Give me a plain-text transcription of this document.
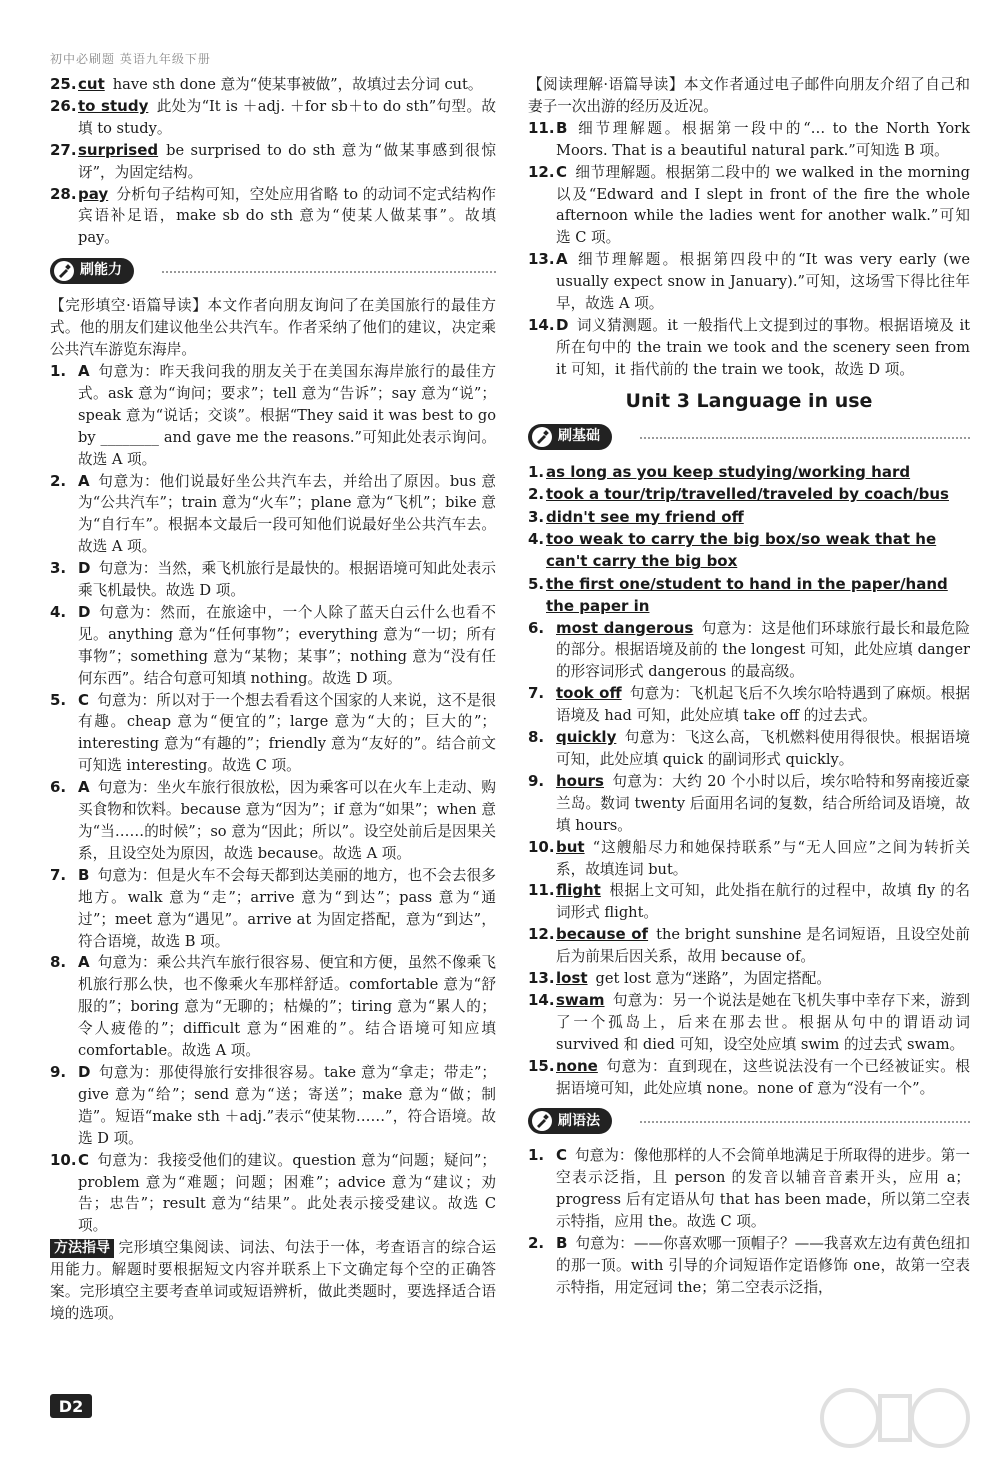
初中必刷题 英语九年级下册
25. cut have sth done 意为“使某事被做”，故填过去分词 cut。
26. to study 此处为“It is ＋adj. ＋for sb＋to do sth”句型。故填 to study。
27. surprised be surprised to do sth 意为“做某事感到很惊讶”，为固定结构。
28. pay 分析句子结构可知，空处应用省略 to 的动词不定式结构作宾语补足语，make sb do sth 意为“使某人做某事”。故填 pay。
刷能力
【完形填空·语篇导读】本文作者向朋友询问了在美国旅行的最佳方式。他的朋友们建议他坐公共汽车。作者采纳了他们的建议，决定乘公共汽车游览东海岸。
1. A 句意为：昨天我问我的朋友关于在美国东海岸旅行的最佳方式。ask 意为“询问；要求”；tell 意为“告诉”；say 意为“说”；speak 意为“说话；交谈”。根据“They said it was best to go by ________ and gave me the reasons.”可知此处表示询问。故选 A 项。
2. A 句意为：他们说最好坐公共汽车去，并给出了原因。bus 意为“公共汽车”；train 意为“火车”；plane 意为“飞机”；bike 意为“自行车”。根据本文最后一段可知他们说最好坐公共汽车去。故选 A 项。
3. D 句意为：当然，乘飞机旅行是最快的。根据语境可知此处表示乘飞机最快。故选 D 项。
4. D 句意为：然而，在旅途中，一个人除了蓝天白云什么也看不见。anything 意为“任何事物”；everything 意为“一切；所有事物”；something 意为“某物；某事”；nothing 意为“没有任何东西”。结合句意可知填 nothing。故选 D 项。
5. C 句意为：所以对于一个想去看看这个国家的人来说，这不是很有趣。cheap 意为“便宜的”；large 意为“大的；巨大的”；interesting 意为“有趣的”；friendly 意为“友好的”。结合前文可知选 interesting。故选 C 项。
6. A 句意为：坐火车旅行很放松，因为乘客可以在火车上走动、购买食物和饮料。because 意为“因为”；if 意为“如果”；when 意为“当……的时候”；so 意为“因此；所以”。设空处前后是因果关系，且设空处为原因，故选 because。故选 A 项。
7. B 句意为：但是火车不会每天都到达美丽的地方，也不会去很多地方。walk 意为“走”；arrive 意为“到达”；pass 意为“通过”；meet 意为“遇见”。arrive at 为固定搭配，意为“到达”，符合语境，故选 B 项。
8. A 句意为：乘公共汽车旅行很容易、便宜和方便，虽然不像乘飞机旅行那么快，也不像乘火车那样舒适。comfortable 意为“舒服的”；boring 意为“无聊的；枯燥的”；tiring 意为“累人的；令人疲倦的”；difficult 意为“困难的”。结合语境可知应填 comfortable。故选 A 项。
9. D 句意为：那使得旅行安排很容易。take 意为“拿走；带走”；give 意为“给”；send 意为“送；寄送”；make 意为“做；制造”。短语“make sth ＋adj.”表示“使某物……”，符合语境。故选 D 项。
10. C 句意为：我接受他们的建议。question 意为“问题；疑问”；problem 意为“难题；问题；困难”；advice 意为“建议；劝告；忠告”；result 意为“结果”。此处表示接受建议。故选 C 项。
方法指导 完形填空集阅读、词法、句法于一体，考查语言的综合运用能力。解题时要根据短文内容并联系上下文确定每个空的正确答案。完形填空主要考查单词或短语辨析，做此类题时，要选择适合语境的选项。
【阅读理解·语篇导读】本文作者通过电子邮件向朋友介绍了自己和妻子一次出游的经历及近况。
11. B 细节理解题。根据第一段中的“… to the North York Moors. That is a beautiful natural park.”可知选 B 项。
12. C 细节理解题。根据第二段中的 we walked in the morning 以及“Edward and I slept in front of the fire the whole afternoon while the ladies went for another walk.”可知选 C 项。
13. A 细节理解题。根据第四段中的“It was very early (we usually expect snow in January).”可知，这场雪下得比往年早，故选 A 项。
14. D 词义猜测题。it 一般指代上文提到过的事物。根据语境及 it 所在句中的 the train we took and the scenery seen from it 可知，it 指代前的 the train we took，故选 D 项。
Unit 3 Language in use
刷基础
1. as long as you keep studying/working hard
2. took a tour/trip/travelled/traveled by coach/bus
3. didn't see my friend off
4. too weak to carry the big box/so weak that he can't carry the big box
5. the first one/student to hand in the paper/hand the paper in
6. most dangerous 句意为：这是他们环球旅行最长和最危险的部分。根据语境及前的 the longest 可知，此处应填 danger 的形容词形式 dangerous 的最高级。
7. took off 句意为：飞机起飞后不久埃尔哈特遇到了麻烦。根据语境及 had 可知，此处应填 take off 的过去式。
8. quickly 句意为：飞这么高，飞机燃料使用得很快。根据语境可知，此处应填 quick 的副词形式 quickly。
9. hours 句意为：大约 20 个小时以后，埃尔哈特和努南接近豪兰岛。数词 twenty 后面用名词的复数，结合所给词及语境，故填 hours。
10. but “这艘船尽力和她保持联系”与“无人回应”之间为转折关系，故填连词 but。
11. flight 根据上文可知，此处指在航行的过程中，故填 fly 的名词形式 flight。
12. because of the bright sunshine 是名词短语，且设空处前后为前果后因关系，故用 because of。
13. lost get lost 意为“迷路”，为固定搭配。
14. swam 句意为：另一个说法是她在飞机失事中幸存下来，游到了一个孤岛上，后来在那去世。根据从句中的谓语动词 survived 和 died 可知，设空处应填 swim 的过去式 swam。
15. none 句意为：直到现在，这些说法没有一个已经被证实。根据语境可知，此处应填 none。none of 意为“没有一个”。
刷语法
1. C 句意为：像他那样的人不会简单地满足于所取得的进步。第一空表示泛指，且 person 的发音以辅音音素开头，应用 a；progress 后有定语从句 that has been made，所以第二空表示特指，应用 the。故选 C 项。
2. B 句意为：——你喜欢哪一顶帽子？——我喜欢左边有黄色纽扣的那一顶。with 引导的介词短语作定语修饰 one，故第一空表示特指，用定冠词 the；第二空表示泛指，
D2
